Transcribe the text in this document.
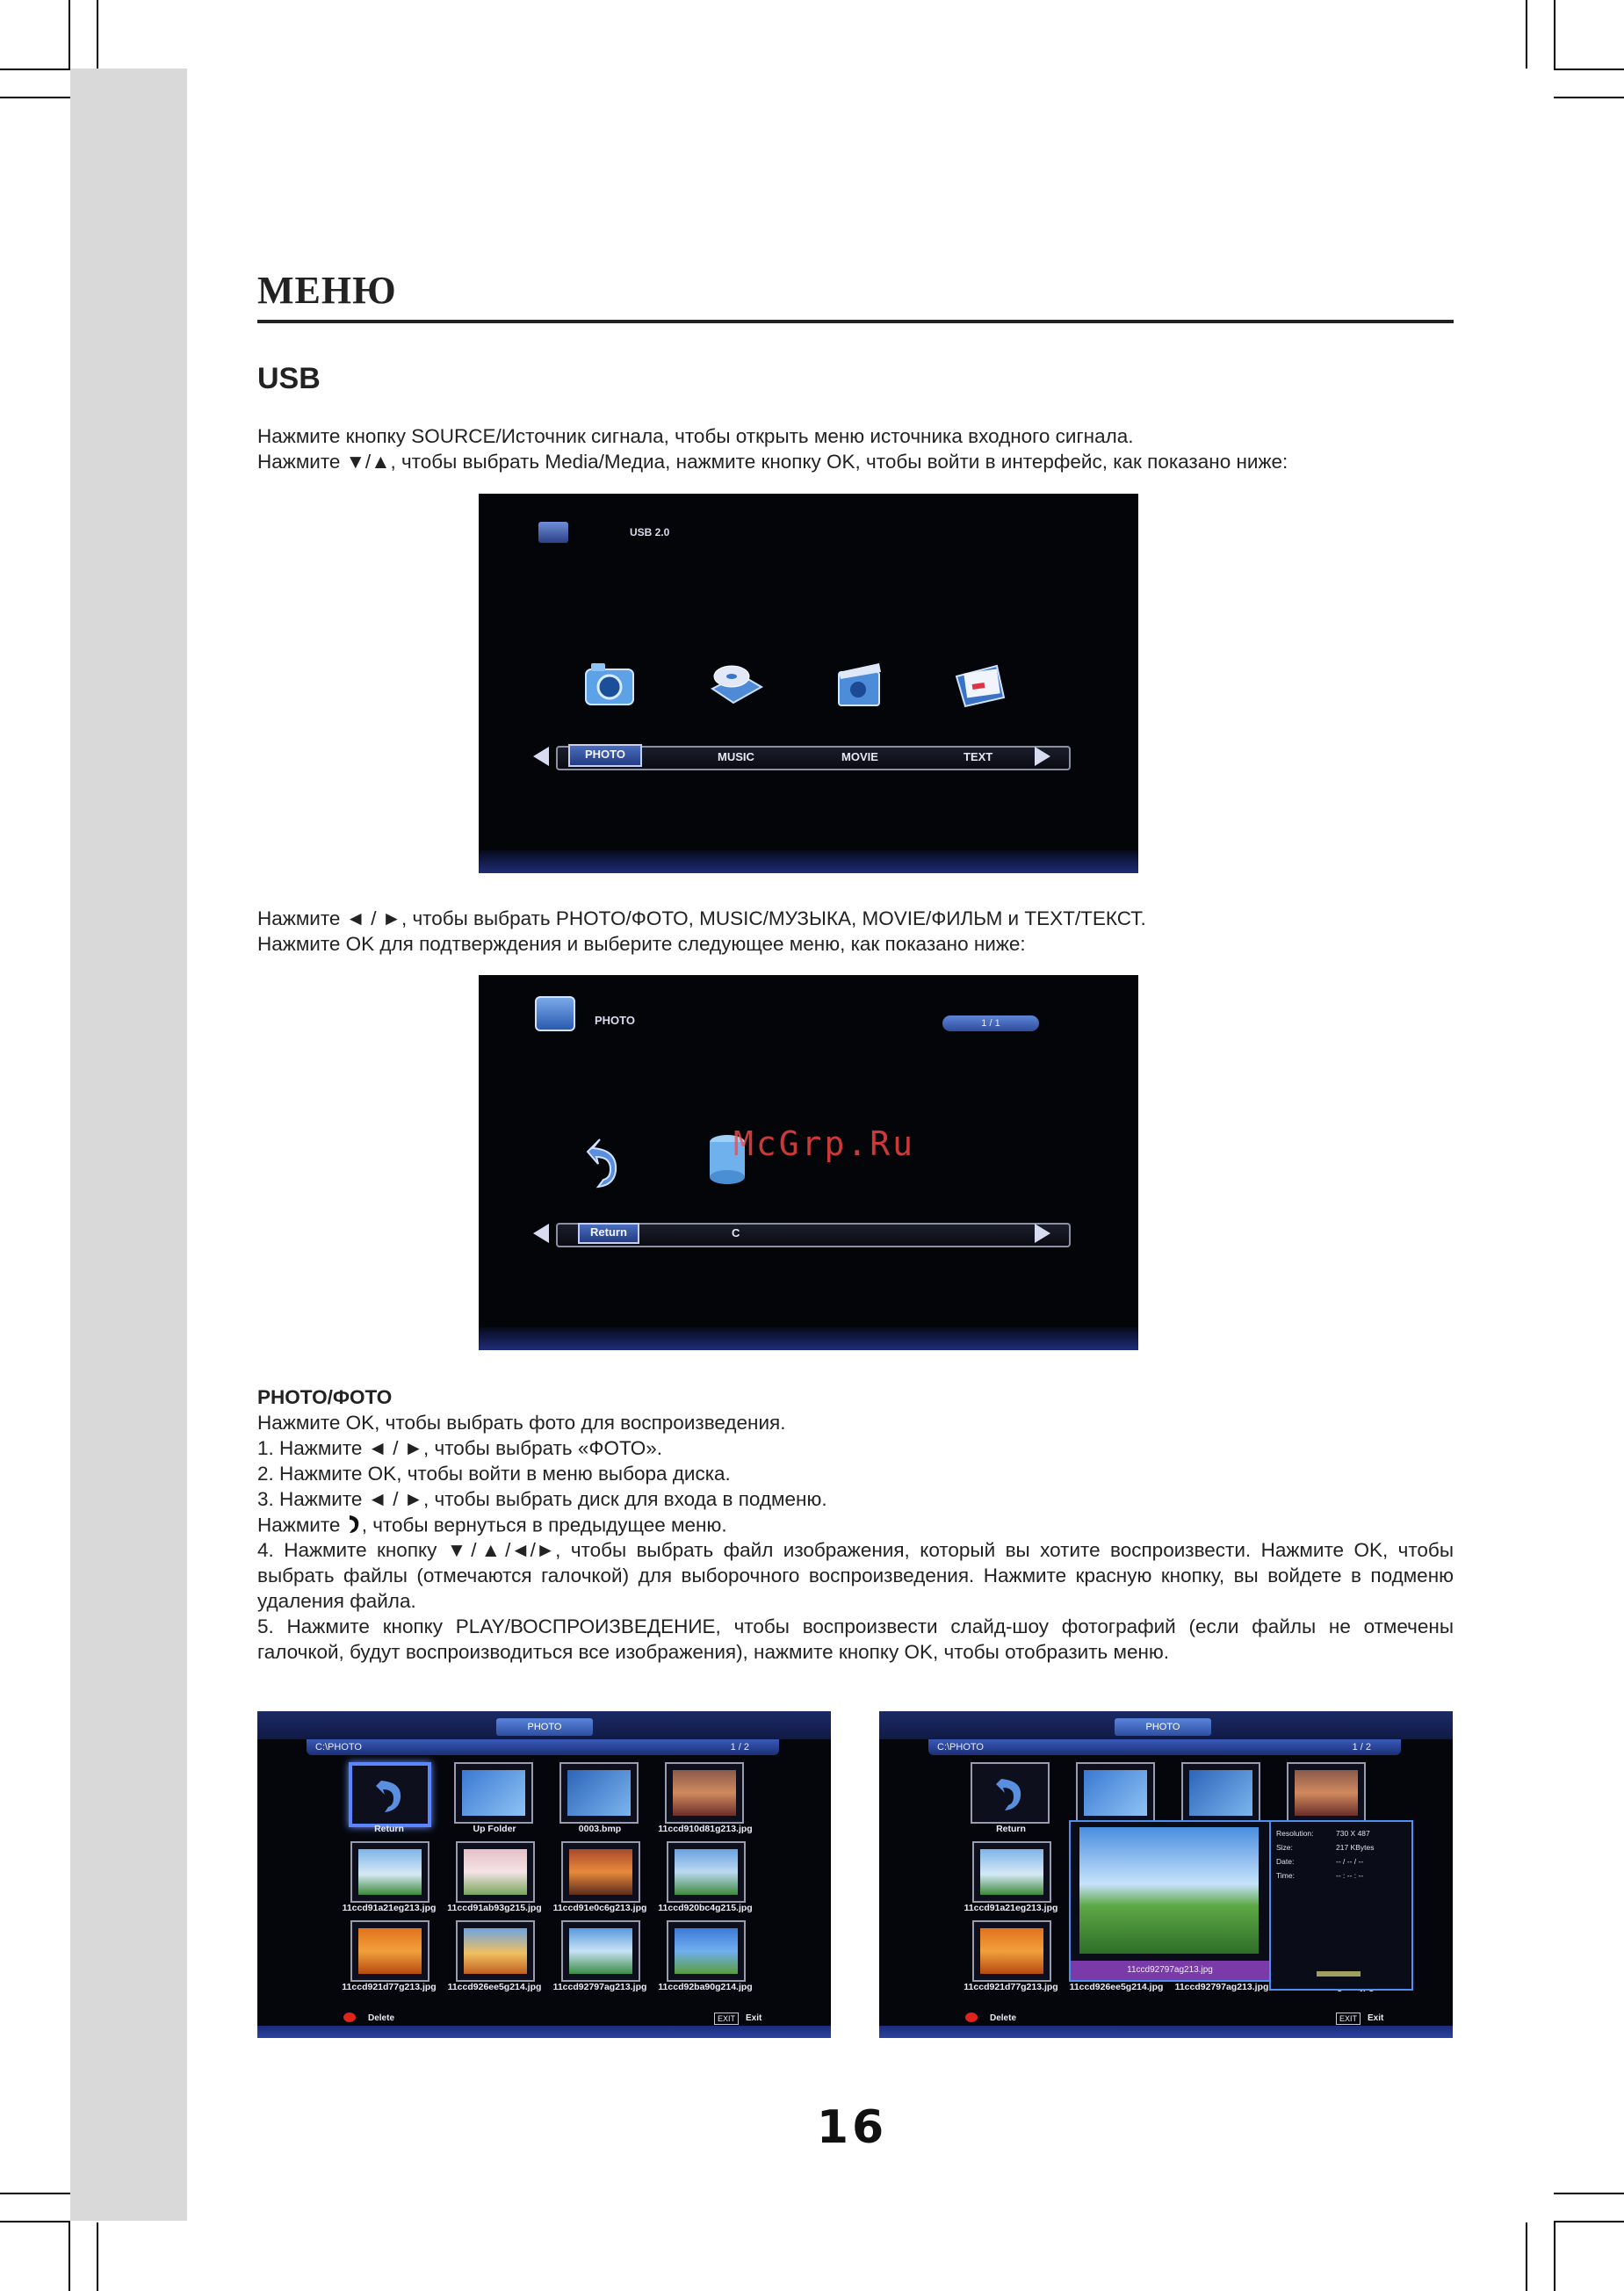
МЕНЮ
USB

Нажмите кнопку SOURCE/Источник сигнала, чтобы открыть меню источника входного сигнала.

Нажмите ▼/▲, чтобы выбрать Media/Медиа, нажмите кнопку OK, чтобы войти в интерфейс, как показано ниже:

USB 2.0
PHOTO	MUSIC	MOVIE	TEXT

Нажмите ◄ / ►, чтобы выбрать PHOTO/ФОТО, MUSIC/МУЗЫКА, MOVIE/ФИЛЬМ и TEXT/ТЕКСТ.

Нажмите OK для подтверждения и выберите следующее меню, как показано ниже:

PHOTO	1 / 1
Return	C
McGrp.Ru

PHOTO/ФОТО

Нажмите OK, чтобы выбрать фото для воспроизведения.

1. Нажмите ◄ / ►, чтобы выбрать «ФОТО».

2. Нажмите OK, чтобы войти в меню выбора диска.

3. Нажмите ◄ / ►, чтобы выбрать диск для входа в подменю.

Нажмите , чтобы вернуться в предыдущее меню.

4. Нажмите кнопку ▼/▲/◄/►, чтобы выбрать файл изображения, который вы хотите воспроизвести. Нажмите OK, чтобы выбрать файлы (отмечаются галочкой) для выборочного воспроизведения. Нажмите красную кнопку, вы войдете в подменю удаления файла.

5. Нажмите кнопку PLAY/ВОСПРОИЗВЕДЕНИЕ, чтобы воспроизвести слайд-шоу фотографий (если файлы не отмечены галочкой, будут воспроизводиться все изображения), нажмите кнопку OK, чтобы отобразить меню.

PHOTO
C:\PHOTO	1 / 2
Return	Up Folder	0003.bmp	11ccd910d81g213.jpg
11ccd91a21eg213.jpg	11ccd91ab93g215.jpg	11ccd91e0c6g213.jpg	11ccd920bc4g215.jpg
11ccd921d77g213.jpg	11ccd926ee5g214.jpg	11ccd92797ag213.jpg	11ccd92ba90g214.jpg
Delete	EXIT	Exit
PHOTO
C:\PHOTO	1 / 2
Return
11ccd91a21eg213.jpg
11ccd921d77g213.jpg	11ccd926ee5g214.jpg	11ccd92797ag213.jpg
11ccd92797ag213.jpg
Resolution:	730 X 487
Size:	217 KBytes
Date:	-- / -- / --
Time:	-- : -- : --
Delete	EXIT	Exit
16
